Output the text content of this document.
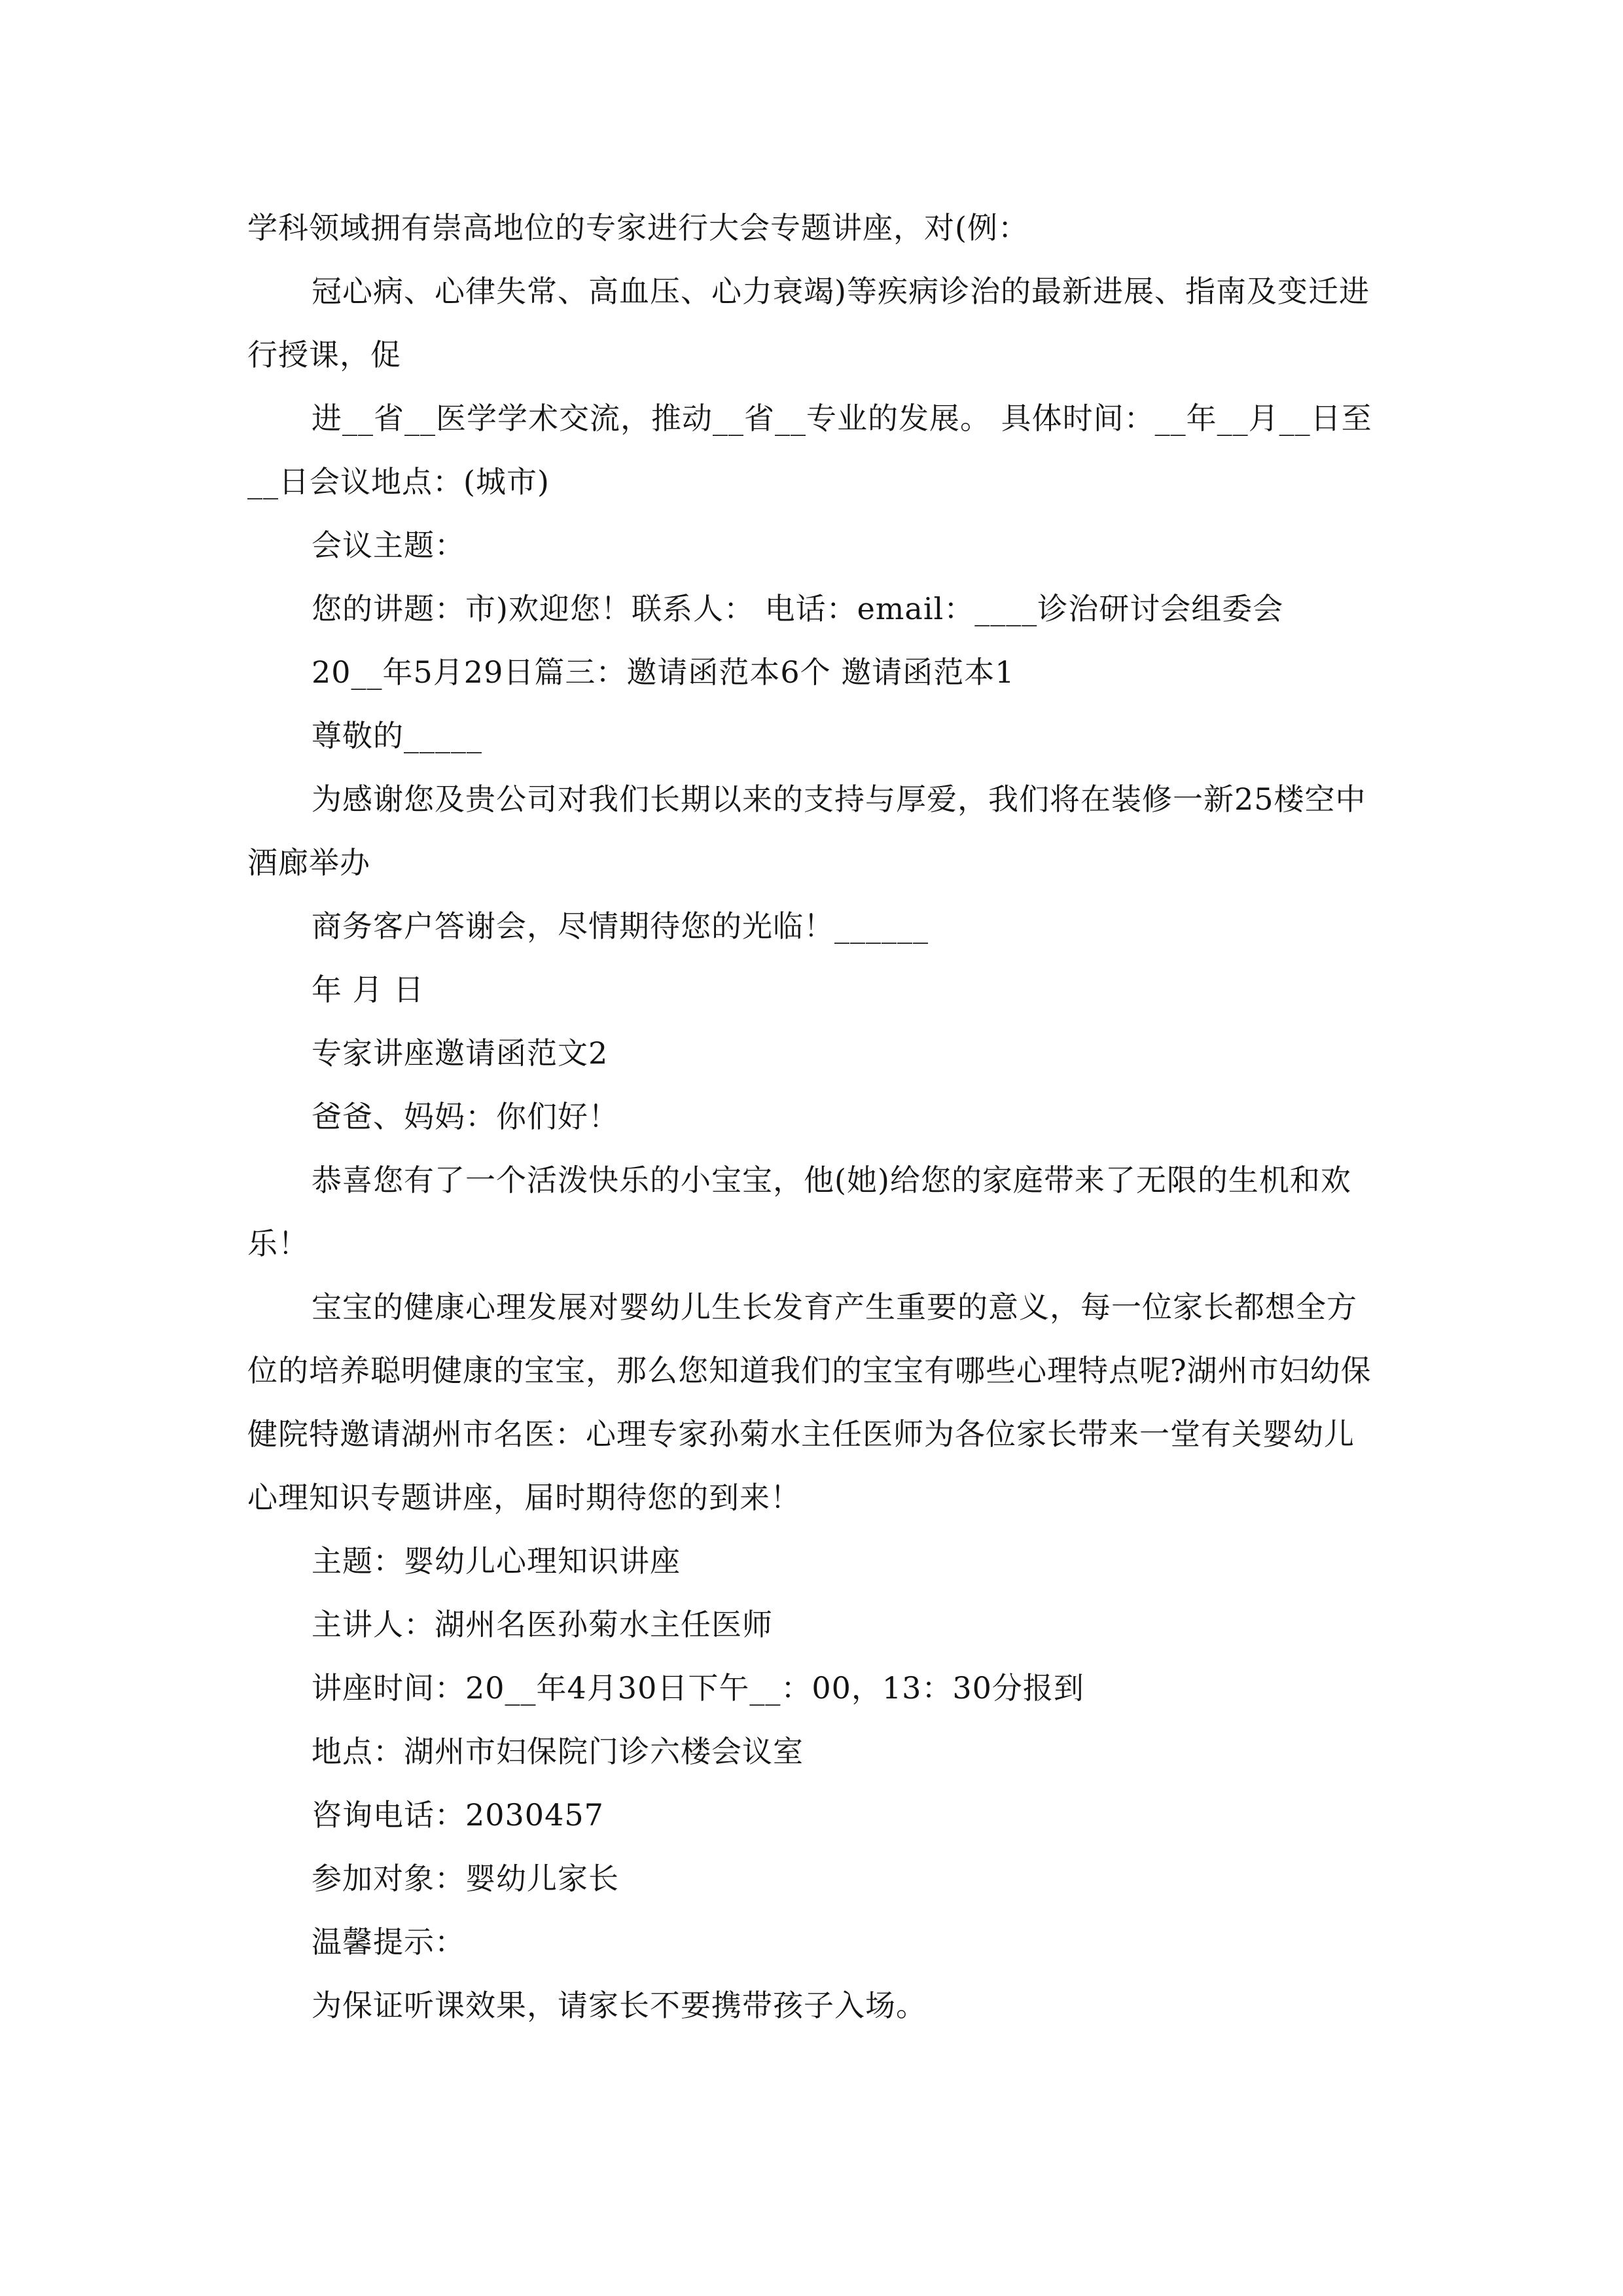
学科领域拥有崇高地位的专家进行大会专题讲座，对(例：

冠心病、心律失常、高血压、心力衰竭)等疾病诊治的最新进展、指南及变迁进行授课，促

进__省__医学学术交流，推动__省__专业的发展。 具体时间：__年__月__日至__日会议地点：(城市)

会议主题：

您的讲题：市)欢迎您！联系人： 电话：email：____诊治研讨会组委会

20__年5月29日篇三：邀请函范本6个 邀请函范本1

尊敬的_____

为感谢您及贵公司对我们长期以来的支持与厚爱，我们将在装修一新25楼空中酒廊举办

商务客户答谢会，尽情期待您的光临！______

年 月 日

专家讲座邀请函范文2

爸爸、妈妈：你们好！

恭喜您有了一个活泼快乐的小宝宝，他(她)给您的家庭带来了无限的生机和欢乐！

宝宝的健康心理发展对婴幼儿生长发育产生重要的意义，每一位家长都想全方位的培养聪明健康的宝宝，那么您知道我们的宝宝有哪些心理特点呢?湖州市妇幼保健院特邀请湖州市名医：心理专家孙菊水主任医师为各位家长带来一堂有关婴幼儿心理知识专题讲座，届时期待您的到来！

主题：婴幼儿心理知识讲座

主讲人：湖州名医孙菊水主任医师

讲座时间：20__年4月30日下午__：00，13：30分报到

地点：湖州市妇保院门诊六楼会议室

咨询电话：2030457

参加对象：婴幼儿家长

温馨提示：

为保证听课效果，请家长不要携带孩子入场。
